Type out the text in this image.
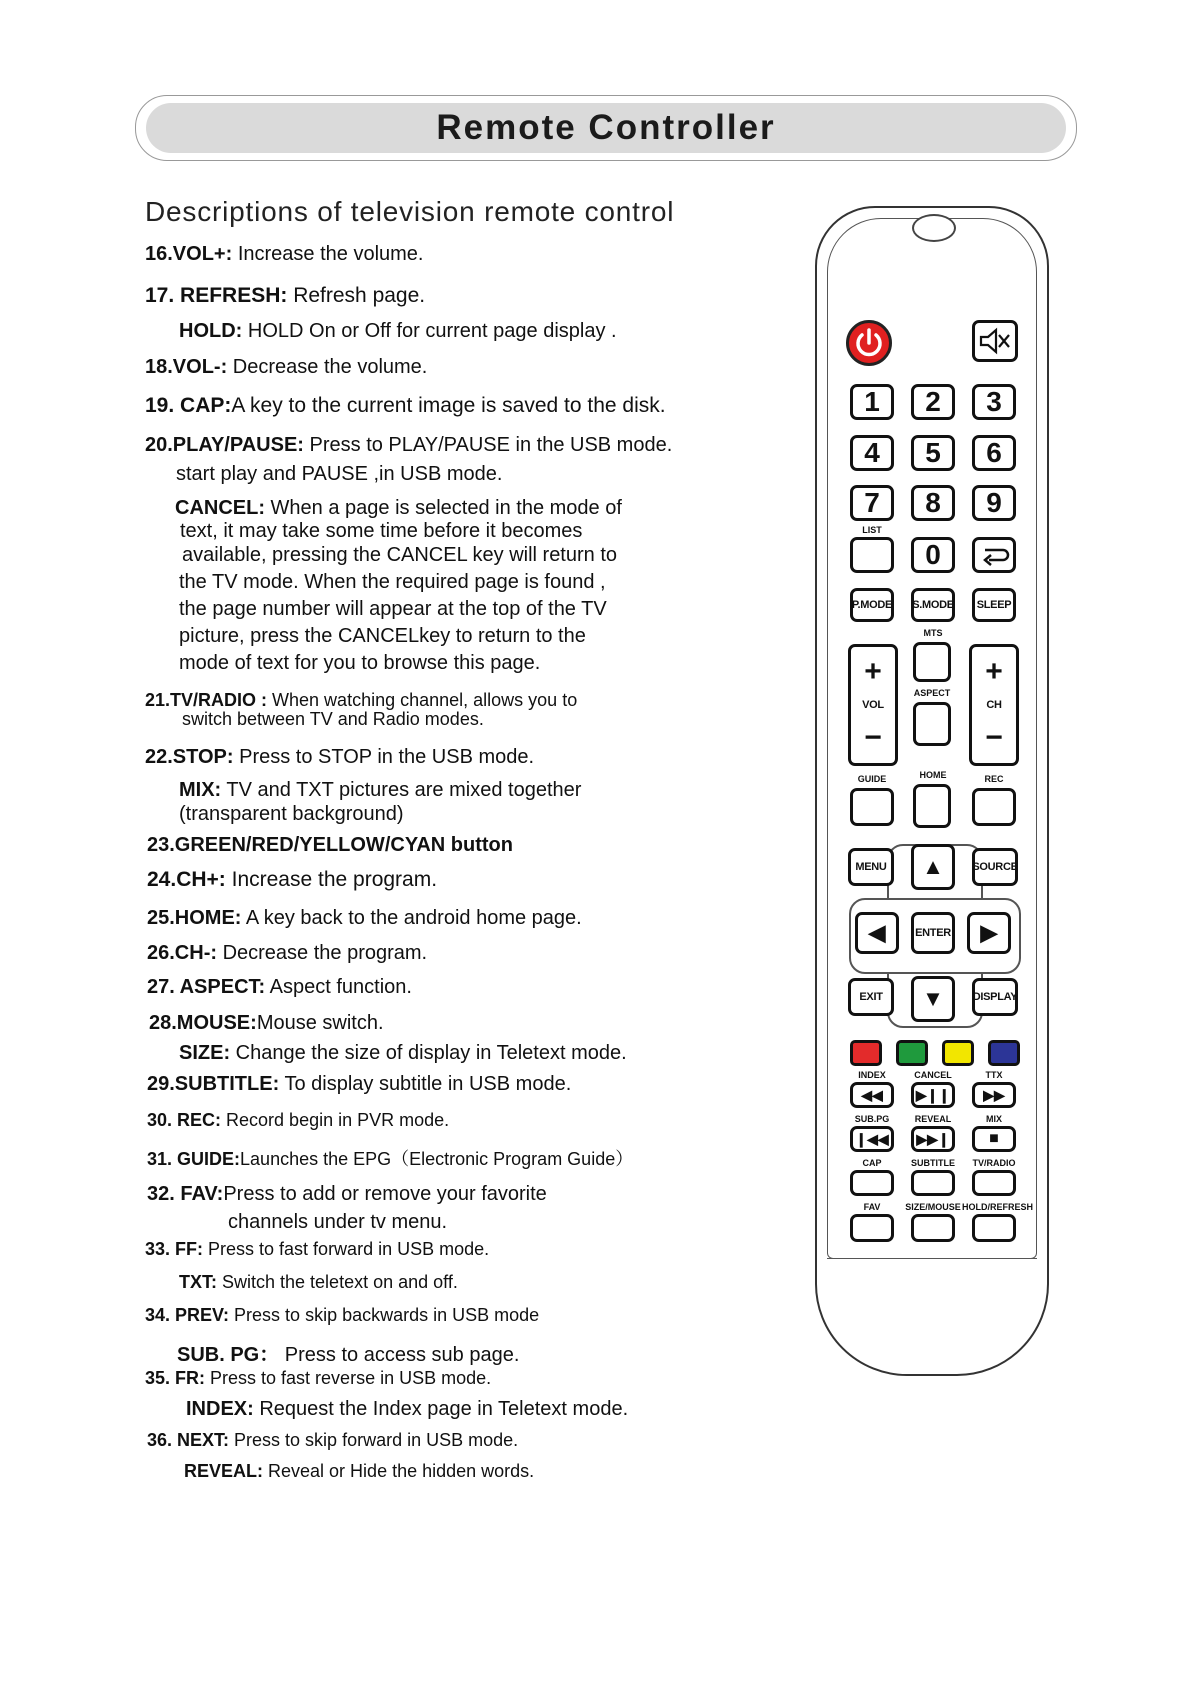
Remote Controller
Descriptions of television remote control
16.VOL+: Increase the volume.
17. REFRESH: Refresh page.
HOLD: HOLD On or Off for current page display .
18.VOL-: Decrease the volume.
19. CAP:A key to the current image is saved to the disk.
20.PLAY/PAUSE: Press to PLAY/PAUSE in the USB mode.
start play and PAUSE ,in USB mode.
CANCEL: When a page is selected in the mode of
text, it may take some time before it becomes
available, pressing the CANCEL key will return to
the TV mode. When the required page is found ,
the page number will appear at the top of the TV
picture, press the CANCELkey to return to the
mode of text for you to browse this page.
21.TV/RADIO : When watching channel, allows you to
switch between TV and Radio modes.
22.STOP: Press to STOP in the USB mode.
MIX: TV and TXT pictures are mixed together
(transparent background)
23.GREEN/RED/YELLOW/CYAN button
24.CH+: Increase the program.
25.HOME: A key back to the android home page.
26.CH-: Decrease the program.
27. ASPECT: Aspect function.
28.MOUSE:Mouse switch.
SIZE: Change the size of display in Teletext mode.
29.SUBTITLE: To display subtitle in USB mode.
30. REC: Record begin in PVR mode.
31. GUIDE:Launches the EPG（Electronic Program Guide）
32. FAV:Press to add or remove your favorite
channels under tv menu.
33. FF: Press to fast forward in USB mode.
TXT: Switch the teletext on and off.
34. PREV: Press to skip backwards in USB mode
SUB. PG： Press to access sub page.
35. FR: Press to fast reverse in USB mode.
INDEX: Request the Index page in Teletext mode.
36. NEXT: Press to skip forward in USB mode.
REVEAL: Reveal or Hide the hidden words.
1	2	3
4	5	6
7	8	9
LIST
0
P.MODE S.MODE	SLEEP
MTS
+
VOL
−
ASPECT
+
CH
−
GUIDE	HOME	REC
MENU	SOURCE
▲
◀	ENTER ▶
EXIT	▼	DISPLAY
INDEX	CANCEL	TTX
◀◀ ▶❙❙ ▶▶
SUB.PG	REVEAL	MIX
❙◀◀ ▶▶❙ ■
CAP	SUBTITLE	TV/RADIO
FAV	SIZE/MOUSE HOLD/REFRESH
